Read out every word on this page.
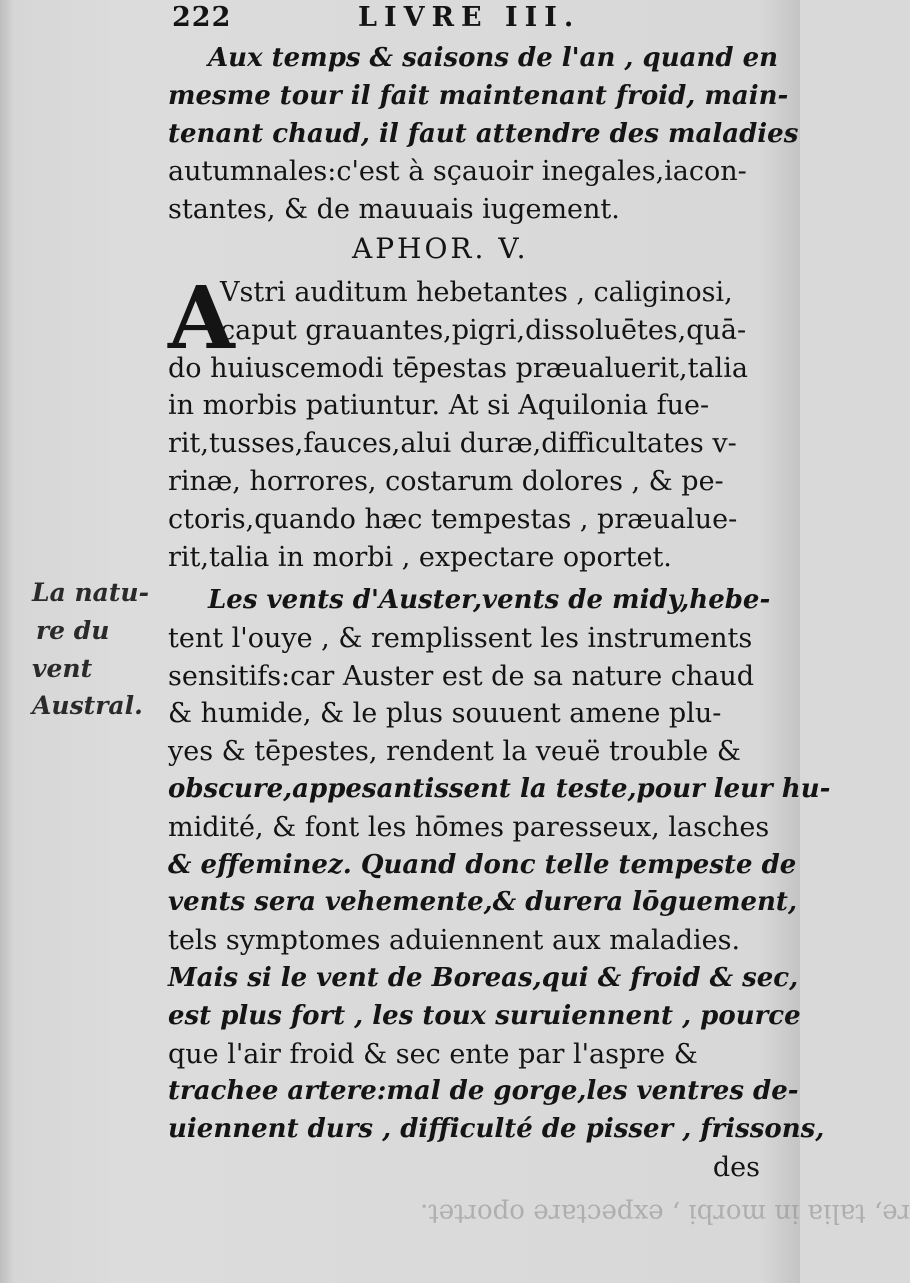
re, talia in morbi , expectare oportet.
222	LIVRE III.
Aux temps & saisons de l'an , quand en
mesme tour il fait maintenant froid, main-
tenant chaud, il faut attendre des maladies
autumnales:c'est à sçauoir inegales,iacon-
stantes, & de mauuais iugement.
APHOR. V.
A
Vstri auditum hebetantes , caliginosi,
caput grauantes,pigri,dissoluētes,quā-
do huiuscemodi tēpestas præualuerit,talia
in morbis patiuntur. At si Aquilonia fue-
rit,tusses,fauces,alui duræ,difficultates v-
rinæ, horrores, costarum dolores , & pe-
ctoris,quando hæc tempestas , præualue-
rit,talia in morbi , expectare oportet.
La natu-
re du
vent
Austral.
Les vents d'Auster,vents de midy,hebe-
tent l'ouye , & remplissent les instruments
sensitifs:car Auster est de sa nature chaud
& humide, & le plus souuent amene plu-
yes & tēpestes, rendent la veuë trouble &
obscure,appesantissent la teste,pour leur hu-
midité, & font les hōmes paresseux, lasches
& effeminez. Quand donc telle tempeste de
vents sera vehemente,& durera lōguement,
tels symptomes aduiennent aux maladies.
Mais si le vent de Boreas,qui & froid & sec,
est plus fort , les toux suruiennent , pource
que l'air froid & sec ente par l'aspre &
trachee artere:mal de gorge,les ventres de-
uiennent durs , difficulté de pisser , frissons,
des
